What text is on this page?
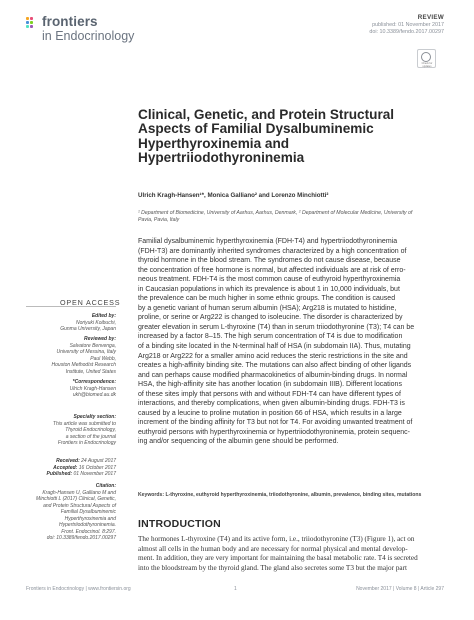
frontiers
in Endocrinology
REVIEW
published: 01 November 2017
doi: 10.3389/fendo.2017.00297
Check for updates
Clinical, Genetic, and Protein Structural Aspects of Familial Dysalbuminemic Hyperthyroxinemia and Hypertriiodothyroninemia
Ulrich Kragh-Hansen¹*, Monica Galliano² and Lorenzo Minchiotti²
¹ Department of Biomedicine, University of Aarhus, Aarhus, Denmark, ² Department of Molecular Medicine, University of
Pavia, Pavia, Italy
Familial dysalbuminemic hyperthyroxinemia (FDH-T4) and hypertriiodothyroninemia
(FDH-T3) are dominantly inherited syndromes characterized by a high concentration of
thyroid hormone in the blood stream. The syndromes do not cause disease, because
the concentration of free hormone is normal, but affected individuals are at risk of erro-
neous treatment. FDH-T4 is the most common cause of euthyroid hyperthyroxinemia
in Caucasian populations in which its prevalence is about 1 in 10,000 individuals, but
the prevalence can be much higher in some ethnic groups. The condition is caused
by a genetic variant of human serum albumin (HSA); Arg218 is mutated to histidine,
proline, or serine or Arg222 is changed to isoleucine. The disorder is characterized by
greater elevation in serum L-thyroxine (T4) than in serum triiodothyronine (T3); T4 can be
increased by a factor 8–15. The high serum concentration of T4 is due to modification
of a binding site located in the N-terminal half of HSA (in subdomain IIA). Thus, mutating
Arg218 or Arg222 for a smaller amino acid reduces the steric restrictions in the site and
creates a high-affinity binding site. The mutations can also affect binding of other ligands
and can perhaps cause modified pharmacokinetics of albumin-binding drugs. In normal
HSA, the high-affinity site has another location (in subdomain IIIB). Different locations
of these sites imply that persons with and without FDH-T4 can have different types of
interactions, and thereby complications, when given albumin-binding drugs. FDH-T3 is
caused by a leucine to proline mutation in position 66 of HSA, which results in a large
increment of the binding affinity for T3 but not for T4. For avoiding unwanted treatment of
euthyroid persons with hyperthyroxinemia or hypertriiodothyroninemia, protein sequenc-
ing and/or sequencing of the albumin gene should be performed.
Keywords: L-thyroxine, euthyroid hyperthyroxinemia, triiodothyronine, albumin, prevalence, binding sites, mutations
INTRODUCTION
OPEN ACCESS
Edited by:
Noriyuki Koibuchi,
Gunma University, Japan
Reviewed by:
Salvatore Benvenga,
University of Messina, Italy
Paul Webb,
Houston Methodist Research
Institute, United States
*Correspondence:
Ulrich Kragh-Hansen
ukh@biomed.au.dk
Specialty section:
This article was submitted to
Thyroid Endocrinology,
a section of the journal
Frontiers in Endocrinology
Received: 24 August 2017
Accepted: 16 October 2017
Published: 01 November 2017
Citation:
Kragh-Hansen U, Galliano M and
Minchiotti L (2017) Clinical, Genetic,
and Protein Structural Aspects of
Familial Dysalbuminemic
Hyperthyroxinemia and
Hypertriiodothyroninemia.
Front. Endocrinol. 8:297.
doi: 10.3389/fendo.2017.00297	The hormones L-thyroxine (T4) and its active form, i.e., triiodothyronine (T3) (Figure 1), act on
almost all cells in the human body and are necessary for normal physical and mental develop-
ment. In addition, they are very important for maintaining the basal metabolic rate. T4 is secreted
into the bloodstream by the thyroid gland. The gland also secretes some T3 but the major part
Frontiers in Endocrinology | www.frontiersin.org	1	November 2017 | Volume 8 | Article 297
